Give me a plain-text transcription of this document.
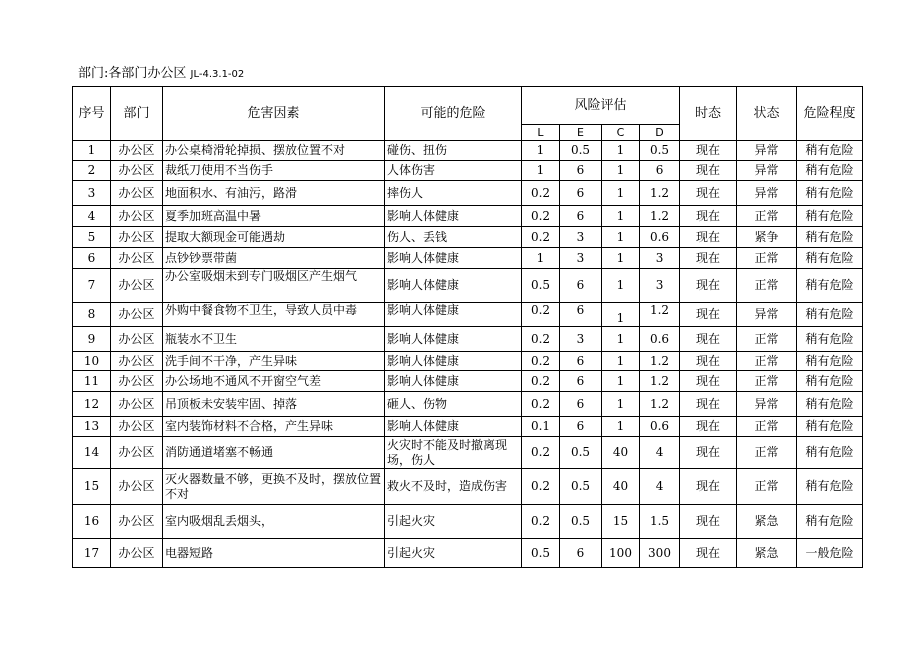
部门:各部门办公区 JL-4.3.1-02
序号	部门	危害因素	可能的危险	风险评估				时态	状态	危险程度
				L	E	C	D			
1	办公区	办公桌椅滑轮掉损、摆放位置不对	碰伤、扭伤	1	0.5	1	0.5	现在	异常	稍有危险
2	办公区	裁纸刀使用不当伤手	人体伤害	1	6	1	6	现在	异常	稍有危险
3	办公区	地面积水、有油污，路滑	摔伤人	0.2	6	1	1.2	现在	异常	稍有危险
4	办公区	夏季加班高温中暑	影响人体健康	0.2	6	1	1.2	现在	正常	稍有危险
5	办公区	提取大额现金可能遇劫	伤人、丢钱	0.2	3	1	0.6	现在	紧争	稍有危险
6	办公区	点钞钞票带菌	影响人体健康	1	3	1	3	现在	正常	稍有危险
7	办公区	办公室吸烟未到专门吸烟区产生烟气	影响人体健康	0.5	6	1	3	现在	正常	稍有危险
8	办公区	外购中餐食物不卫生，导致人员中毒	影响人体健康	0.2	6	1	1.2	现在	异常	稍有危险
9	办公区	瓶装水不卫生	影响人体健康	0.2	3	1	0.6	现在	正常	稍有危险
10	办公区	洗手间不干净，产生异味	影响人体健康	0.2	6	1	1.2	现在	正常	稍有危险
11	办公区	办公场地不通风不开窗空气差	影响人体健康	0.2	6	1	1.2	现在	正常	稍有危险
12	办公区	吊顶板未安装牢固、掉落	砸人、伤物	0.2	6	1	1.2	现在	异常	稍有危险
13	办公区	室内装饰材料不合格，产生异味	影响人体健康	0.1	6	1	0.6	现在	正常	稍有危险
14	办公区	消防通道堵塞不畅通	火灾时不能及时撤离现场，伤人	0.2	0.5	40	4	现在	正常	稍有危险
15	办公区	灭火器数量不够，更换不及时，摆放位置不对	救火不及时，造成伤害	0.2	0.5	40	4	现在	正常	稍有危险
16	办公区	室内吸烟乱丢烟头，	引起火灾	0.2	0.5	15	1.5	现在	紧急	稍有危险
17	办公区	电器短路	引起火灾	0.5	6	100	300	现在	紧急	一般危险
